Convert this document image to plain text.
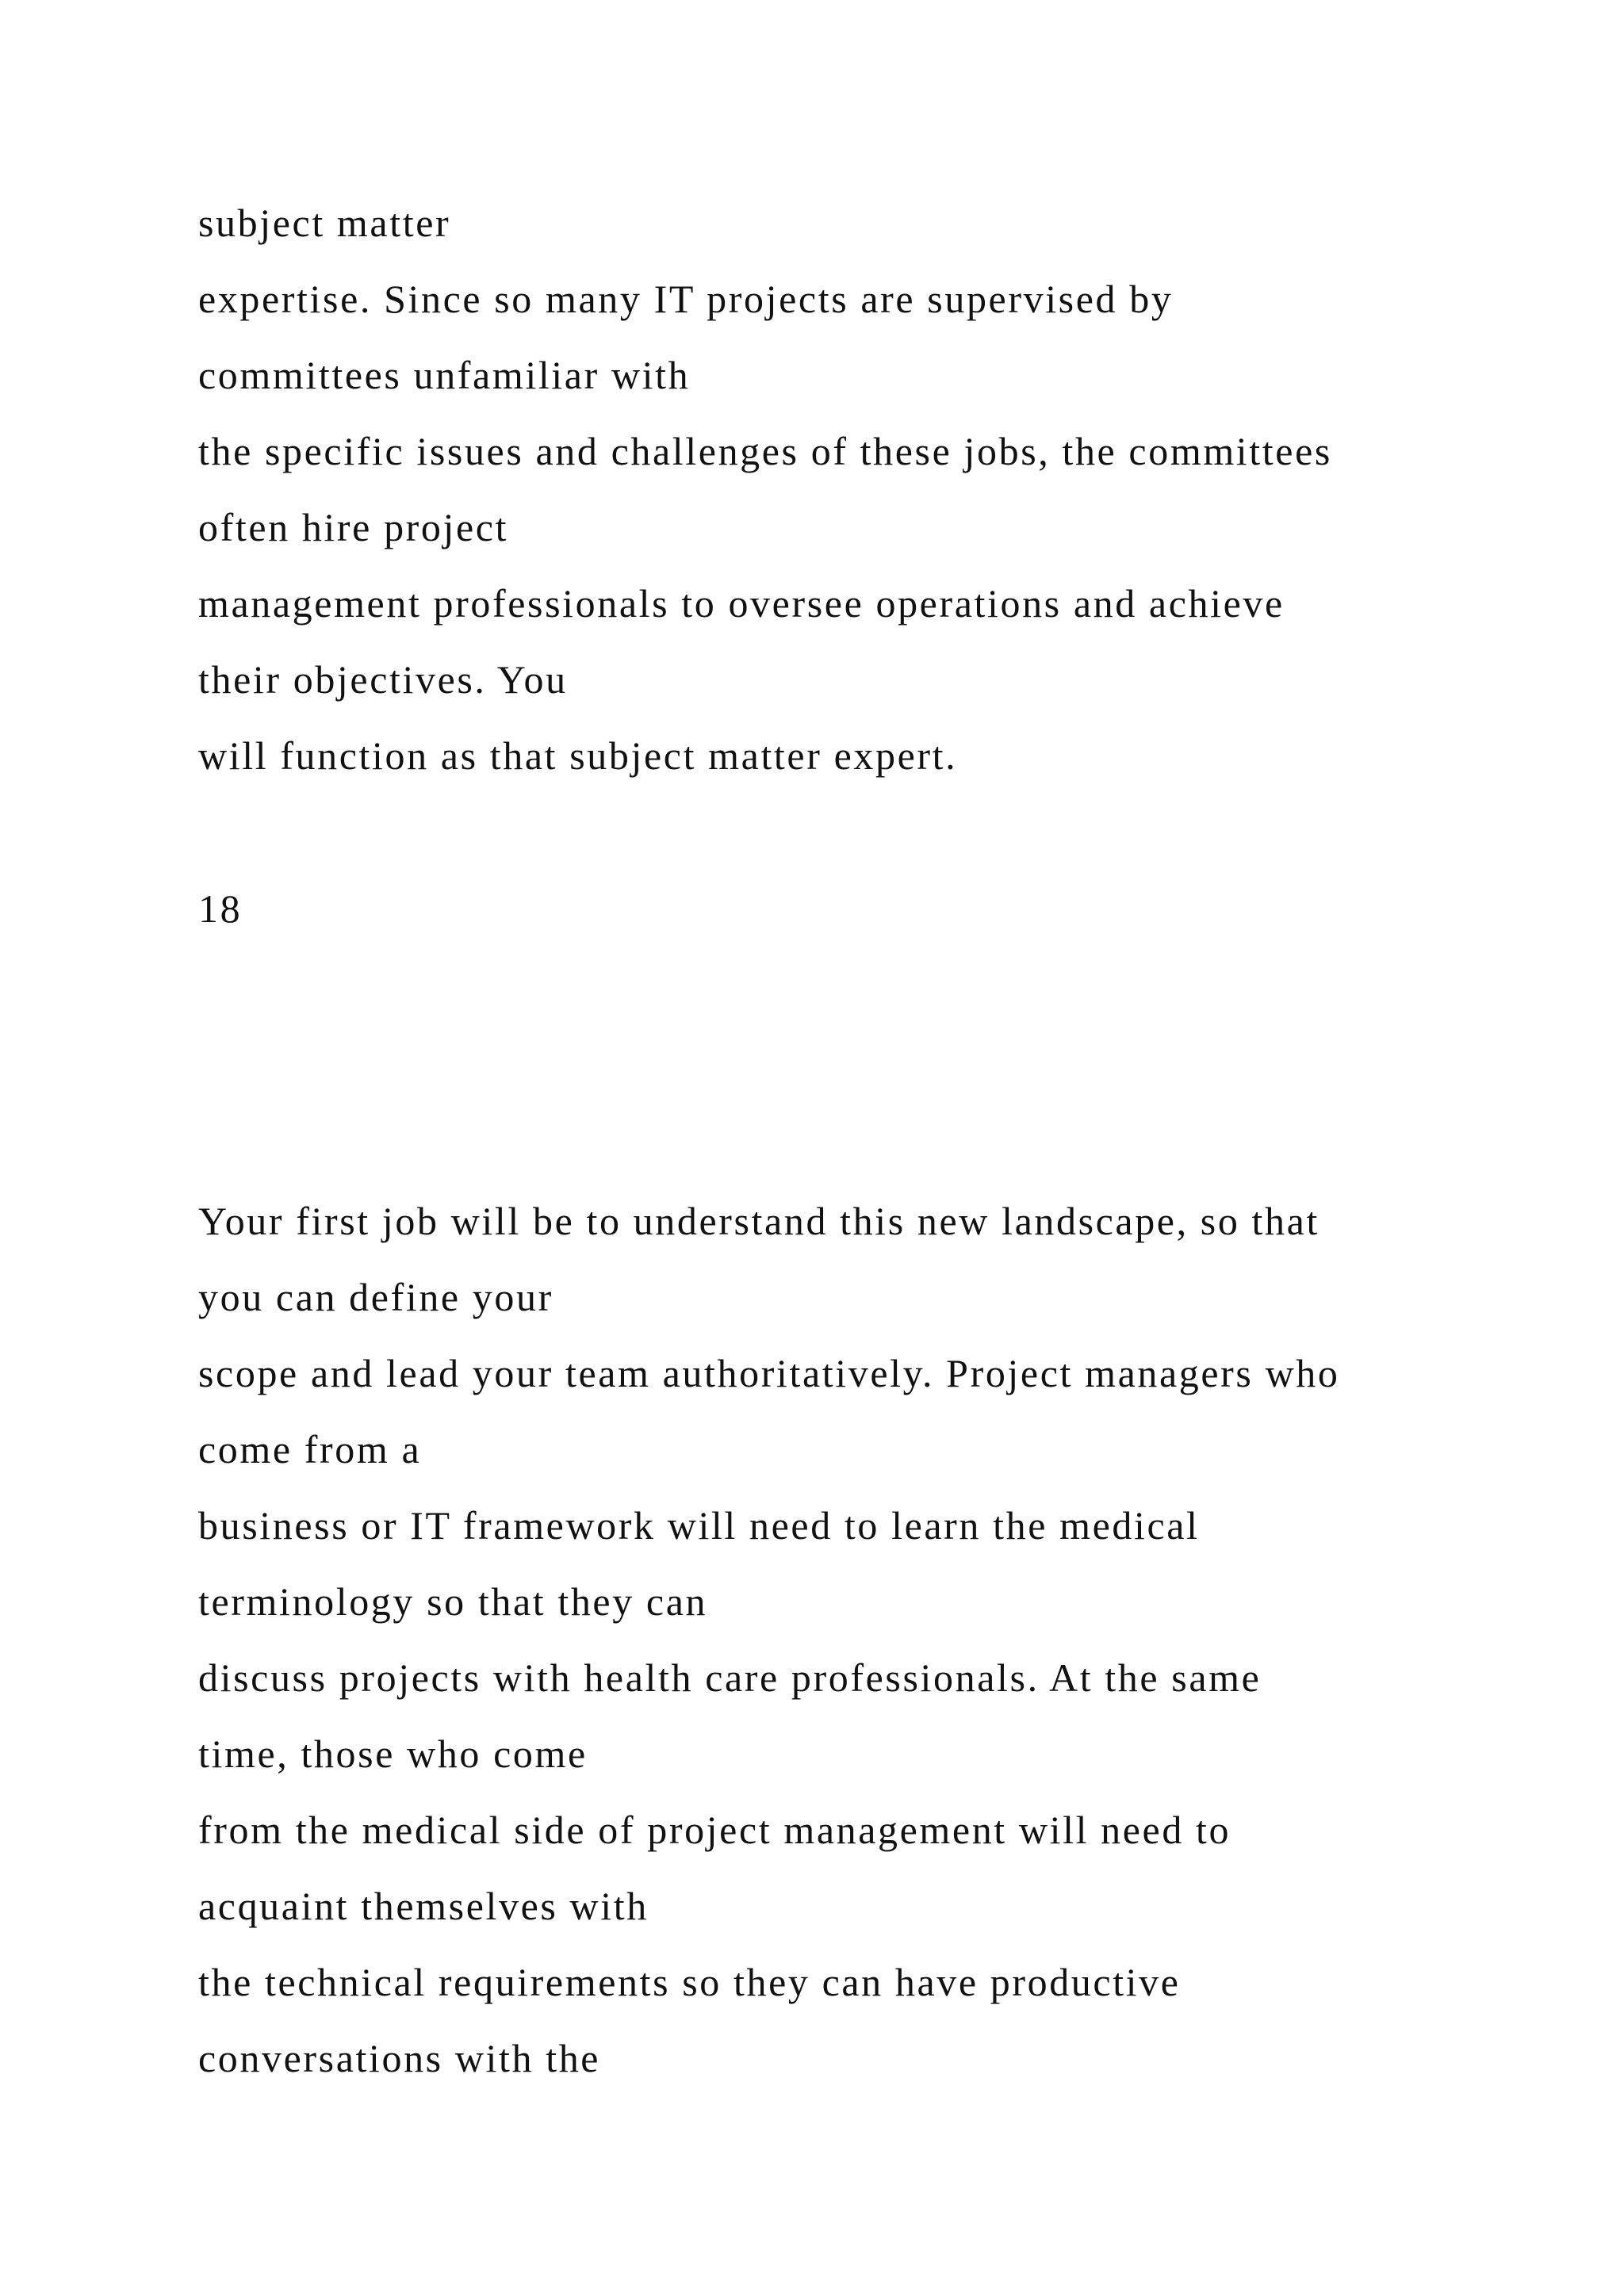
subject matter

expertise. Since so many IT projects are supervised by

committees unfamiliar with

the specific issues and challenges of these jobs, the committees

often hire project

management professionals to oversee operations and achieve

their objectives. You

will function as that subject matter expert.

18

Your first job will be to understand this new landscape, so that

you can define your

scope and lead your team authoritatively. Project managers who

come from a

business or IT framework will need to learn the medical

terminology so that they can

discuss projects with health care professionals. At the same

time, those who come

from the medical side of project management will need to

acquaint themselves with

the technical requirements so they can have productive

conversations with the
